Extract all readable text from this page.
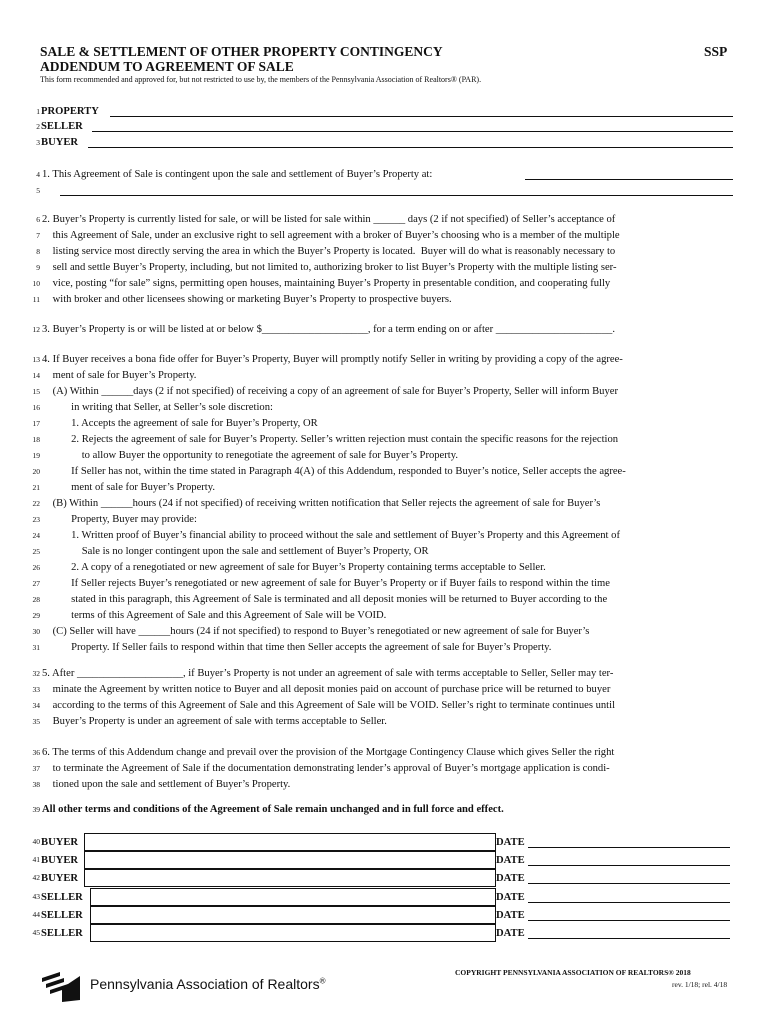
SALE & SETTLEMENT OF OTHER PROPERTY CONTINGENCY
ADDENDUM TO AGREEMENT OF SALE
SSP
This form recommended and approved for, but not restricted to use by, the members of the Pennsylvania Association of Realtors® (PAR).
1 PROPERTY
2 SELLER
3 BUYER
4 1. This Agreement of Sale is contingent upon the sale and settlement of Buyer’s Property at:
5
6 2. Buyer’s Property is currently listed for sale, or will be listed for sale within ______ days (2 if not specified) of Seller’s acceptance of
7 this Agreement of Sale, under an exclusive right to sell agreement with a broker of Buyer’s choosing who is a member of the multiple
8 listing service most directly serving the area in which the Buyer’s Property is located.  Buyer will do what is reasonably necessary to
9 sell and settle Buyer’s Property, including, but not limited to, authorizing broker to list Buyer’s Property with the multiple listing ser-
10 vice, posting “for sale” signs, permitting open houses, maintaining Buyer’s Property in presentable condition, and cooperating fully
11 with broker and other licensees showing or marketing Buyer’s Property to prospective buyers.
12 3. Buyer’s Property is or will be listed at or below $____________________, for a term ending on or after ______________________.
13 4. If Buyer receives a bona fide offer for Buyer’s Property, Buyer will promptly notify Seller in writing by providing a copy of the agree-
14 ment of sale for Buyer’s Property.
15 (A) Within ______days (2 if not specified) of receiving a copy of an agreement of sale for Buyer’s Property, Seller will inform Buyer
16 in writing that Seller, at Seller’s sole discretion:
17 1. Accepts the agreement of sale for Buyer’s Property, OR
18 2. Rejects the agreement of sale for Buyer’s Property. Seller’s written rejection must contain the specific reasons for the rejection
19 to allow Buyer the opportunity to renegotiate the agreement of sale for Buyer’s Property.
20 If Seller has not, within the time stated in Paragraph 4(A) of this Addendum, responded to Buyer’s notice, Seller accepts the agree-
21 ment of sale for Buyer’s Property.
22 (B) Within ______hours (24 if not specified) of receiving written notification that Seller rejects the agreement of sale for Buyer’s
23 Property, Buyer may provide:
24 1. Written proof of Buyer’s financial ability to proceed without the sale and settlement of Buyer’s Property and this Agreement of
25 Sale is no longer contingent upon the sale and settlement of Buyer’s Property, OR
26 2. A copy of a renegotiated or new agreement of sale for Buyer’s Property containing terms acceptable to Seller.
27 If Seller rejects Buyer’s renegotiated or new agreement of sale for Buyer’s Property or if Buyer fails to respond within the time
28 stated in this paragraph, this Agreement of Sale is terminated and all deposit monies will be returned to Buyer according to the
29 terms of this Agreement of Sale and this Agreement of Sale will be VOID.
30 (C) Seller will have ______hours (24 if not specified) to respond to Buyer’s renegotiated or new agreement of sale for Buyer’s
31 Property. If Seller fails to respond within that time then Seller accepts the agreement of sale for Buyer’s Property.
32 5. After ____________________, if Buyer’s Property is not under an agreement of sale with terms acceptable to Seller, Seller may ter-
33 minate the Agreement by written notice to Buyer and all deposit monies paid on account of purchase price will be returned to buyer
34 according to the terms of this Agreement of Sale and this Agreement of Sale will be VOID. Seller’s right to terminate continues until
35 Buyer’s Property is under an agreement of sale with terms acceptable to Seller.
36 6. The terms of this Addendum change and prevail over the provision of the Mortgage Contingency Clause which gives Seller the right
37 to terminate the Agreement of Sale if the documentation demonstrating lender’s approval of Buyer’s mortgage application is condi-
38 tioned upon the sale and settlement of Buyer’s Property.
39 All other terms and conditions of the Agreement of Sale remain unchanged and in full force and effect.
40 BUYER	DATE
41 BUYER	DATE
42 BUYER	DATE
43 SELLER	DATE
44 SELLER	DATE
45 SELLER	DATE
Pennsylvania Association of Realtors®
COPYRIGHT PENNSYLVANIA ASSOCIATION OF REALTORS® 2018
rev. 1/18; rel. 4/18
